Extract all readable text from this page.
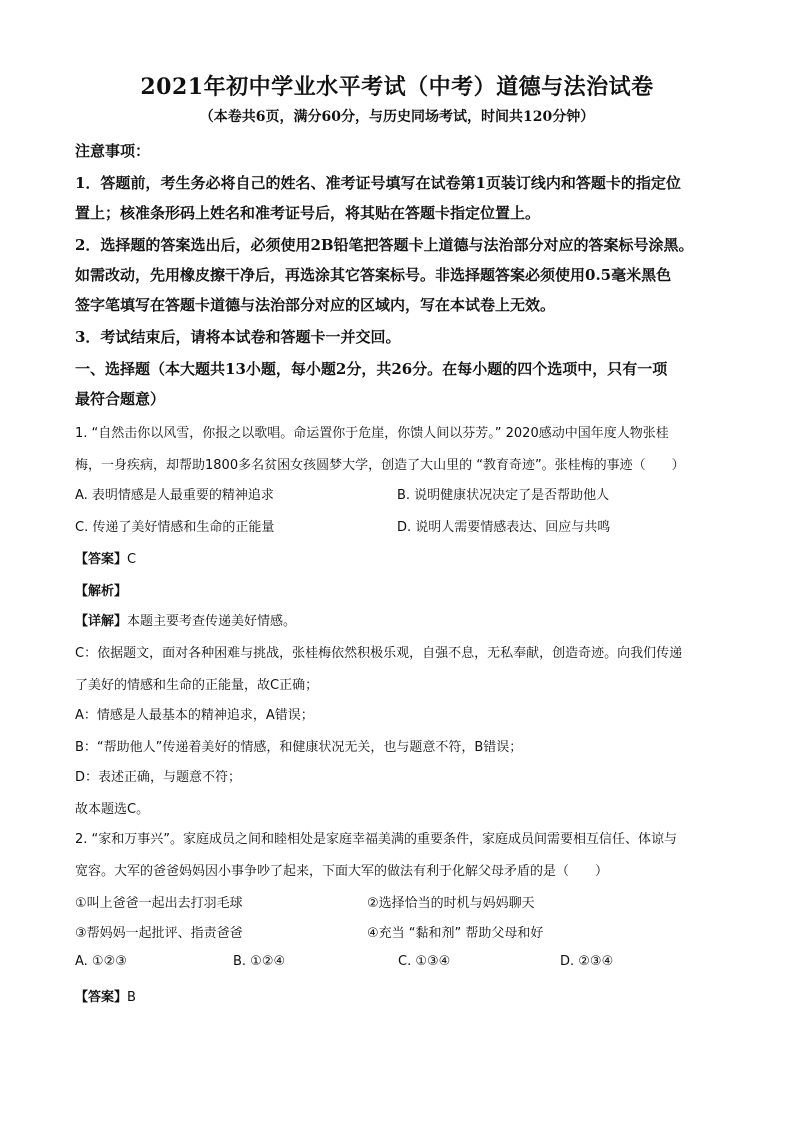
2021年初中学业水平考试（中考）道德与法治试卷
（本卷共6页，满分60分，与历史同场考试，时间共120分钟）
注意事项：
1．答题前，考生务必将自己的姓名、准考证号填写在试卷第1页装订线内和答题卡的指定位
置上；核准条形码上姓名和准考证号后，将其贴在答题卡指定位置上。
2．选择题的答案选出后，必须使用2B铅笔把答题卡上道德与法治部分对应的答案标号涂黑。
如需改动，先用橡皮擦干净后，再选涂其它答案标号。非选择题答案必须使用0.5毫米黑色
签字笔填写在答题卡道德与法治部分对应的区域内，写在本试卷上无效。
3．考试结束后，请将本试卷和答题卡一并交回。
一、选择题（本大题共13小题，每小题2分，共26分。在每小题的四个选项中，只有一项
最符合题意）
1. “自然击你以风雪，你报之以歌唱。命运置你于危崖，你馈人间以芬芳。” 2020感动中国年度人物张桂
梅，一身疾病，却帮助1800多名贫困女孩圆梦大学，创造了大山里的 “教育奇迹”。张桂梅的事迹（　　）
A. 表明情感是人最重要的精神追求	B. 说明健康状况决定了是否帮助他人
C. 传递了美好情感和生命的正能量	D. 说明人需要情感表达、回应与共鸣
【答案】C
【解析】
【详解】本题主要考查传递美好情感。
C：依据题文，面对各种困难与挑战，张桂梅依然积极乐观，自强不息，无私奉献，创造奇迹。向我们传递
了美好的情感和生命的正能量，故C正确；
A：情感是人最基本的精神追求，A错误；
B：“帮助他人”传递着美好的情感，和健康状况无关，也与题意不符，B错误；
D：表述正确，与题意不符；
故本题选C。
2. “家和万事兴”。家庭成员之间和睦相处是家庭幸福美满的重要条件，家庭成员间需要相互信任、体谅与
宽容。大军的爸爸妈妈因小事争吵了起来，下面大军的做法有利于化解父母矛盾的是（　　）
①叫上爸爸一起出去打羽毛球	②选择恰当的时机与妈妈聊天
③帮妈妈一起批评、指责爸爸	④充当 “黏和剂” 帮助父母和好
A. ①②③	B. ①②④	C. ①③④	D. ②③④
【答案】B
